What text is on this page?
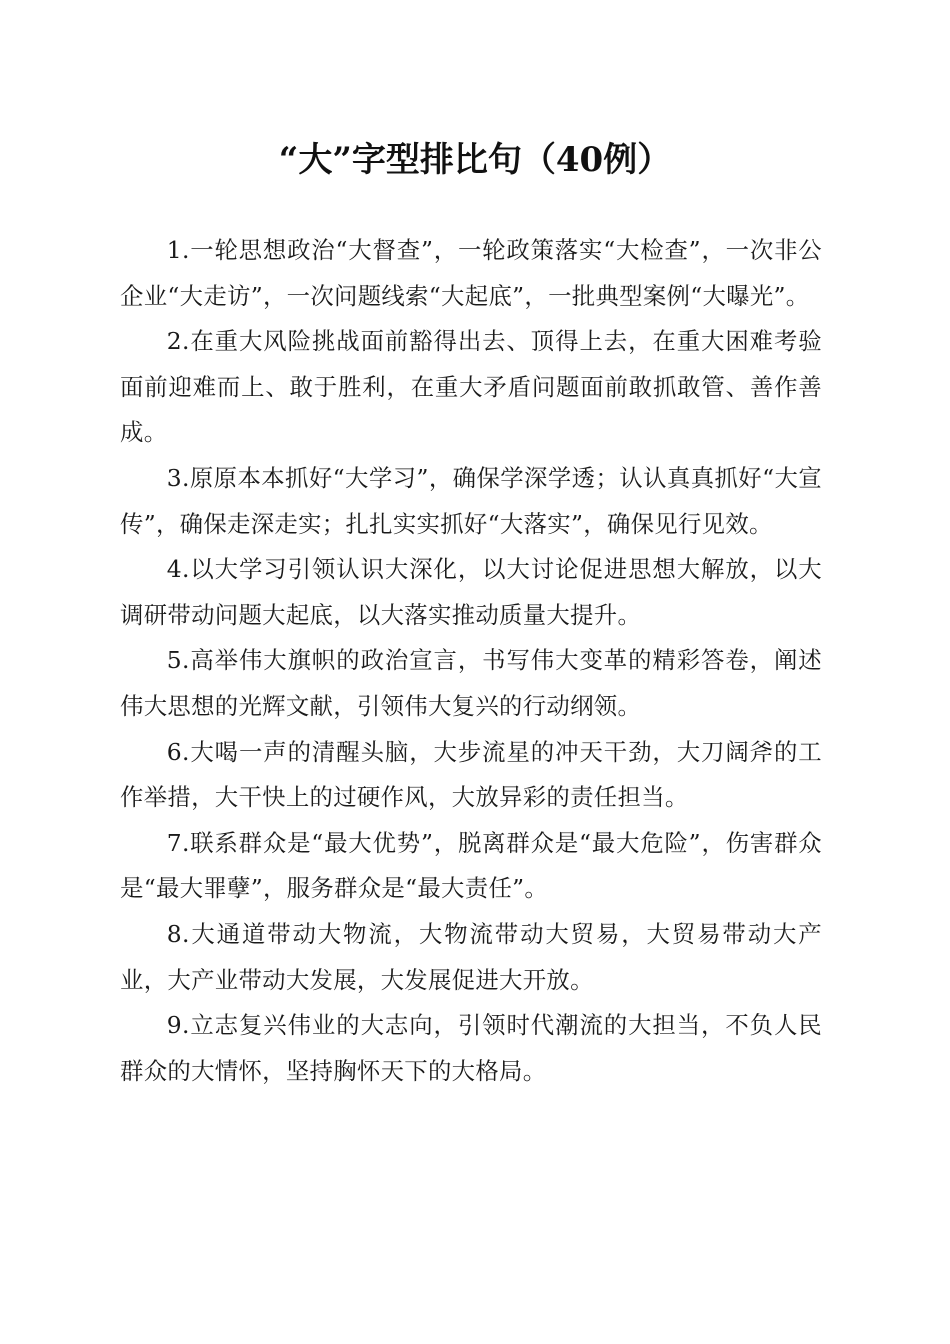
“大”字型排比句（40例）

1.一轮思想政治“大督查”，一轮政策落实“大检查”，一次非公企业“大走访”，一次问题线索“大起底”，一批典型案例“大曝光”。

2.在重大风险挑战面前豁得出去、顶得上去，在重大困难考验面前迎难而上、敢于胜利，在重大矛盾问题面前敢抓敢管、善作善成。

3.原原本本抓好“大学习”，确保学深学透；认认真真抓好“大宣传”，确保走深走实；扎扎实实抓好“大落实”，确保见行见效。

4.以大学习引领认识大深化，以大讨论促进思想大解放，以大调研带动问题大起底，以大落实推动质量大提升。

5.高举伟大旗帜的政治宣言，书写伟大变革的精彩答卷，阐述伟大思想的光辉文献，引领伟大复兴的行动纲领。

6.大喝一声的清醒头脑，大步流星的冲天干劲，大刀阔斧的工作举措，大干快上的过硬作风，大放异彩的责任担当。

7.联系群众是“最大优势”，脱离群众是“最大危险”，伤害群众是“最大罪孽”，服务群众是“最大责任”。

8.大通道带动大物流，大物流带动大贸易，大贸易带动大产业，大产业带动大发展，大发展促进大开放。

9.立志复兴伟业的大志向，引领时代潮流的大担当，不负人民群众的大情怀，坚持胸怀天下的大格局。
